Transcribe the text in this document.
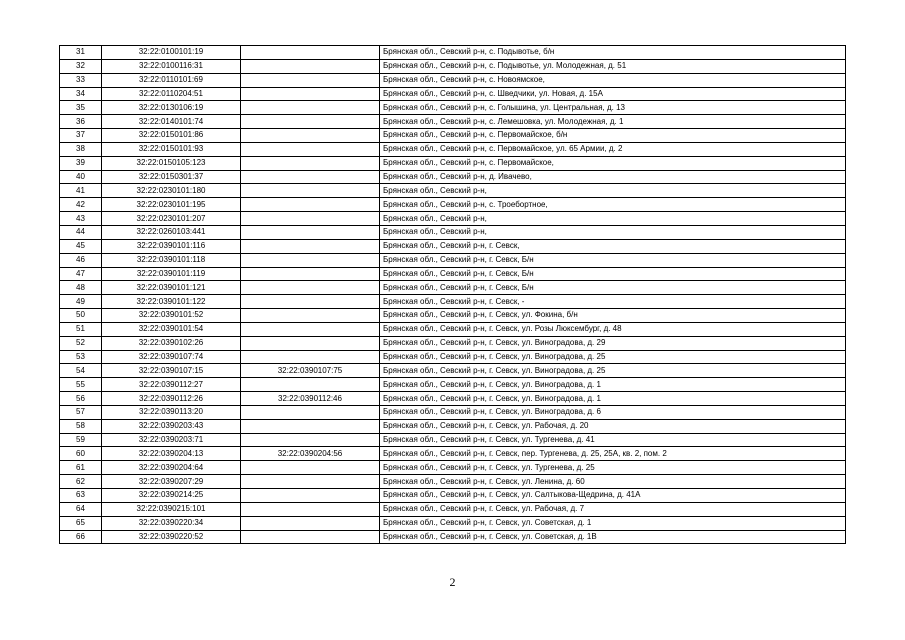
31	32:22:0100101:19		Брянская обл., Севский р-н, с. Подывотье, б/н
32	32:22:0100116:31		Брянская обл., Севский р-н, с. Подывотье, ул. Молодежная, д. 51
33	32:22:0110101:69		Брянская обл., Севский р-н, с. Новоямское,
34	32:22:0110204:51		Брянская обл., Севский р-н, с. Шведчики, ул. Новая, д. 15А
35	32:22:0130106:19		Брянская обл., Севский р-н, с. Голышина, ул. Центральная, д. 13
36	32:22:0140101:74		Брянская обл., Севский р-н, с. Лемешовка, ул. Молодежная, д. 1
37	32:22:0150101:86		Брянская обл., Севский р-н, с. Первомайское, б/н
38	32:22:0150101:93		Брянская обл., Севский р-н, с. Первомайское, ул. 65 Армии, д. 2
39	32:22:0150105:123		Брянская обл., Севский р-н, с. Первомайское,
40	32:22:0150301:37		Брянская обл., Севский р-н, д. Ивачево,
41	32:22:0230101:180		Брянская обл., Севский р-н,
42	32:22:0230101:195		Брянская обл., Севский р-н, с. Троебортное,
43	32:22:0230101:207		Брянская обл., Севский р-н,
44	32:22:0260103:441		Брянская обл., Севский р-н,
45	32:22:0390101:116		Брянская обл., Севский р-н, г. Севск,
46	32:22:0390101:118		Брянская обл., Севский р-н, г. Севск, Б/н
47	32:22:0390101:119		Брянская обл., Севский р-н, г. Севск, Б/н
48	32:22:0390101:121		Брянская обл., Севский р-н, г. Севск, Б/н
49	32:22:0390101:122		Брянская обл., Севский р-н, г. Севск, -
50	32:22:0390101:52		Брянская обл., Севский р-н, г. Севск, ул. Фокина, б/н
51	32:22:0390101:54		Брянская обл., Севский р-н, г. Севск, ул. Розы Люксембург, д. 48
52	32:22:0390102:26		Брянская обл., Севский р-н, г. Севск, ул. Виноградова, д. 29
53	32:22:0390107:74		Брянская обл., Севский р-н, г. Севск, ул. Виноградова, д. 25
54	32:22:0390107:15	32:22:0390107:75	Брянская обл., Севский р-н, г. Севск, ул. Виноградова, д. 25
55	32:22:0390112:27		Брянская обл., Севский р-н, г. Севск, ул. Виноградова, д. 1
56	32:22:0390112:26	32:22:0390112:46	Брянская обл., Севский р-н, г. Севск, ул. Виноградова, д. 1
57	32:22:0390113:20		Брянская обл., Севский р-н, г. Севск, ул. Виноградова, д. 6
58	32:22:0390203:43		Брянская обл., Севский р-н, г. Севск, ул. Рабочая, д. 20
59	32:22:0390203:71		Брянская обл., Севский р-н, г. Севск, ул. Тургенева, д. 41
60	32:22:0390204:13	32:22:0390204:56	Брянская обл., Севский р-н, г. Севск, пер. Тургенева, д. 25, 25А, кв. 2, пом. 2
61	32:22:0390204:64		Брянская обл., Севский р-н, г. Севск, ул. Тургенева, д. 25
62	32:22:0390207:29		Брянская обл., Севский р-н, г. Севск, ул. Ленина, д. 60
63	32:22:0390214:25		Брянская обл., Севский р-н, г. Севск, ул. Салтыкова-Щедрина, д. 41А
64	32:22:0390215:101		Брянская обл., Севский р-н, г. Севск, ул. Рабочая, д. 7
65	32:22:0390220:34		Брянская обл., Севский р-н, г. Севск, ул. Советская, д. 1
66	32:22:0390220:52		Брянская обл., Севский р-н, г. Севск, ул. Советская, д. 1В
2
